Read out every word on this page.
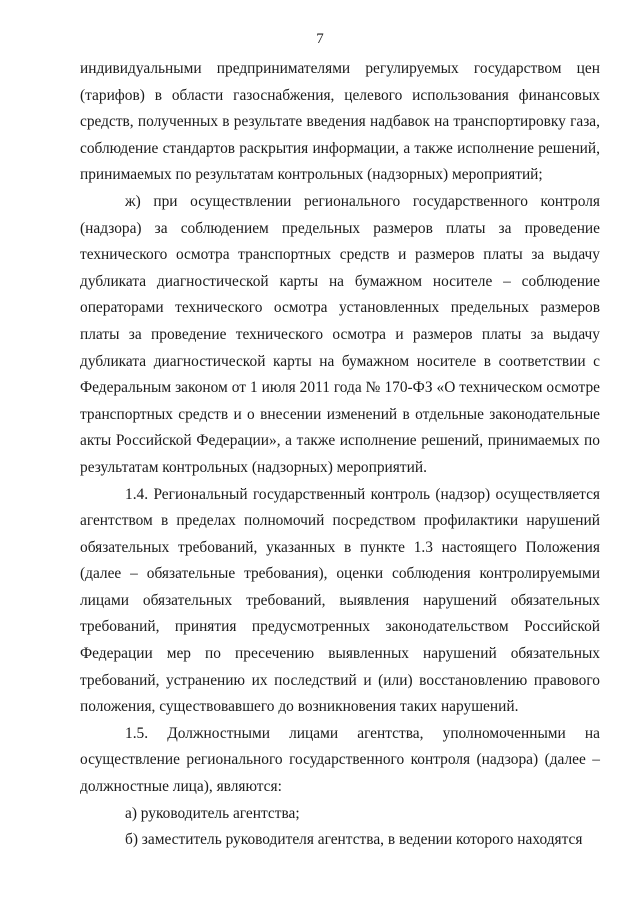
7

индивидуальными предпринимателями регулируемых государством цен (тарифов) в области газоснабжения, целевого использования финансовых средств, полученных в результате введения надбавок на транспортировку газа, соблюдение стандартов раскрытия информации, а также исполнение решений, принимаемых по результатам контрольных (надзорных) мероприятий;

ж) при осуществлении регионального государственного контроля (надзора) за соблюдением предельных размеров платы за проведение технического осмотра транспортных средств и размеров платы за выдачу дубликата диагностической карты на бумажном носителе – соблюдение операторами технического осмотра установленных предельных размеров платы за проведение технического осмотра и размеров платы за выдачу дубликата диагностической карты на бумажном носителе в соответствии с Федеральным законом от 1 июля 2011 года № 170-ФЗ «О техническом осмотре транспортных средств и о внесении изменений в отдельные законодательные акты Российской Федерации», а также исполнение решений, принимаемых по результатам контрольных (надзорных) мероприятий.

1.4. Региональный государственный контроль (надзор) осуществляется агентством в пределах полномочий посредством профилактики нарушений обязательных требований, указанных в пункте 1.3 настоящего Положения (далее – обязательные требования), оценки соблюдения контролируемыми лицами обязательных требований, выявления нарушений обязательных требований, принятия предусмотренных законодательством Российской Федерации мер по пресечению выявленных нарушений обязательных требований, устранению их последствий и (или) восстановлению правового положения, существовавшего до возникновения таких нарушений.

1.5. Должностными лицами агентства, уполномоченными на осуществление регионального государственного контроля (надзора) (далее – должностные лица), являются:

а) руководитель агентства;

б) заместитель руководителя агентства, в ведении которого находятся
